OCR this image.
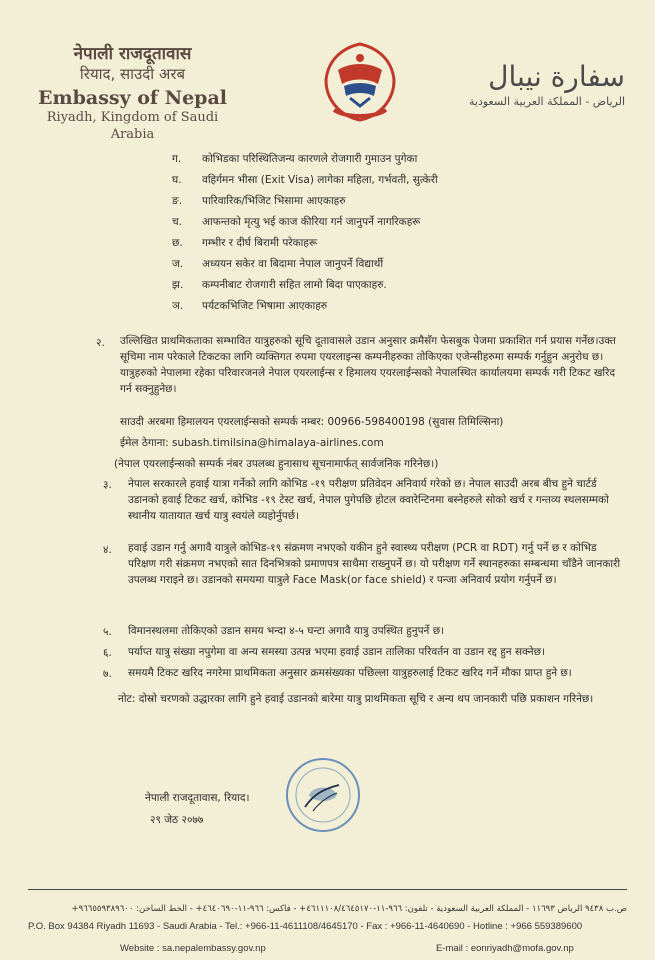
नेपाली राजदूतावास
रियाद, साउदी अरब
Embassy of Nepal
Riyadh, Kingdom of Saudi Arabia
سفارة نيبال
الرياض - المملكة العربية السعودية
ग.	कोभिडका परिस्थितिजन्य कारणले रोजगारी गुमाउन पुगेका
घ.	वहिर्गमन भीसा (Exit Visa) लागेका महिला, गर्भवती, सुत्केरी
ङ.	पारिवारिक/भिजिट भिसामा आएकाहरु
च.	आफन्तको मृत्यु भई काज कीरिया गर्न जानुपर्ने नागरिकहरू
छ.	गम्भीर र दीर्घ बिरामी परेकाहरू
ज.	अध्ययन सकेर वा बिदामा नेपाल जानुपर्ने विद्यार्थी
झ.	कम्पनीबाट रोजगारी सहित लामो बिदा पाएकाहरु.
ञ.	पर्यटकभिजिट भिषामा आएकाहरु
२. उल्लिखित प्राथमिकताका सम्भावित यात्रुहरुको सूचि दूतावासले उडान अनुसार क्रमैसँग फेसबुक पेजमा प्रकाशित गर्न प्रयास गर्नेछ।उक्त सूचिमा नाम परेकाले टिकटका लागि व्यक्तिगत रुपमा एयरलाइन्स कम्पनीहरुका तोकिएका एजेन्सीहरुमा सम्पर्क गर्नुहुन अनुरोध छ। यात्रुहरुको नेपालमा रहेका परिवारजनले नेपाल एयरलाईन्स र हिमालय एयरलाईन्सको नेपालस्थित कार्यालयमा सम्पर्क गरी टिकट खरिद गर्न सक्नुहुनेछ।
साउदी अरबमा हिमालयन एयरलाईन्सको सम्पर्क नम्बर: 00966-598400198 (सुवास तिमिल्सिना)
ईमेल ठेगाना: subash.timilsina@himalaya-airlines.com
(नेपाल एयरलाईन्सको सम्पर्क नंबर उपलब्ध हुनासाथ सूचनामार्फत् सार्वजनिक गरिनेछ।)
३. नेपाल सरकारले हवाई यात्रा गर्नेको लागि कोभिड -१९ परीक्षण प्रतिवेदन अनिवार्य गरेको छ। नेपाल साउदी अरब बीच हुने चार्टर्ड उडानको हवाई टिकट खर्च, कोभिड -१९ टेस्ट खर्च, नेपाल पुगेपछि होटल क्वारेन्टिनमा बस्नेहरुले सोको खर्च र गन्तव्य स्थलसम्मको स्थानीय यातायात खर्च यात्रु स्वयंले व्यहोर्नुपर्छ।
४. हवाई उडान गर्नु अगावै यात्रुले कोभिड-१९ संक्रमण नभएको यकीन हुने स्वास्थ्य परीक्षण (PCR वा RDT) गर्नु पर्ने छ र कोभिड परिक्षण गरी संक्रमण नभएको सात दिनभित्रको प्रमाणपत्र साथैमा राख्नुपर्ने छ। यो परीक्षण गर्ने स्थानहरुका सम्बन्धमा चाँडैने जानकारी उपलब्ध गराइने छ। उडानको समयमा यात्रुले Face Mask(or face shield) र पन्जा अनिवार्य प्रयोग गर्नुपर्ने छ।
५. विमानस्थलमा तोकिएको उडान समय भन्दा ४-५ घन्टा अगावै यात्रु उपस्थित हुनुपर्ने छ।
६. पर्याप्त यात्रु संख्या नपुगेमा वा अन्य समस्या उत्पन्न भएमा हवाई उडान तालिका परिवर्तन वा उडान रद्द हुन सक्नेछ।
७. समयमै टिकट खरिद नगरेमा प्राथमिकता अनुसार क्रमसंख्यका पछिल्ला यात्रुहरुलाई टिकट खरिद गर्ने मौका प्राप्त हुने छ।
नोट: दोस्रो चरणको उद्धारका लागि हुने हवाई उडानको बारेमा यात्रु प्राथमिकता सूचि र अन्य थप जानकारी पछि प्रकाशन गरिनेछ।
नेपाली राजदूतावास, रियाद।
२९ जेठ २०७७
ص.ب ٩٤٣٨ الرياض ١١٦٩٣ - المملكة العربية السعودية - تلفون: ٩٦٦-١١-٤٦١١١٠٨/٤٦٤٥١٧٠+ - فاكس: ٩٦٦-١١-٤٦٤٠٦٩٠+ - الخط الساخن: ٩٦٦٥٥٩٣٨٩٦٠٠+
P.O. Box 94384 Riyadh 11693 - Saudi Arabia - Tel.: +966-11-4611108/4645170 - Fax : +966-11-4640690 - Hotline : +966 559389600
Website : sa.nepalembassy.gov.np	E-mail : eonriyadh@mofa.gov.np
